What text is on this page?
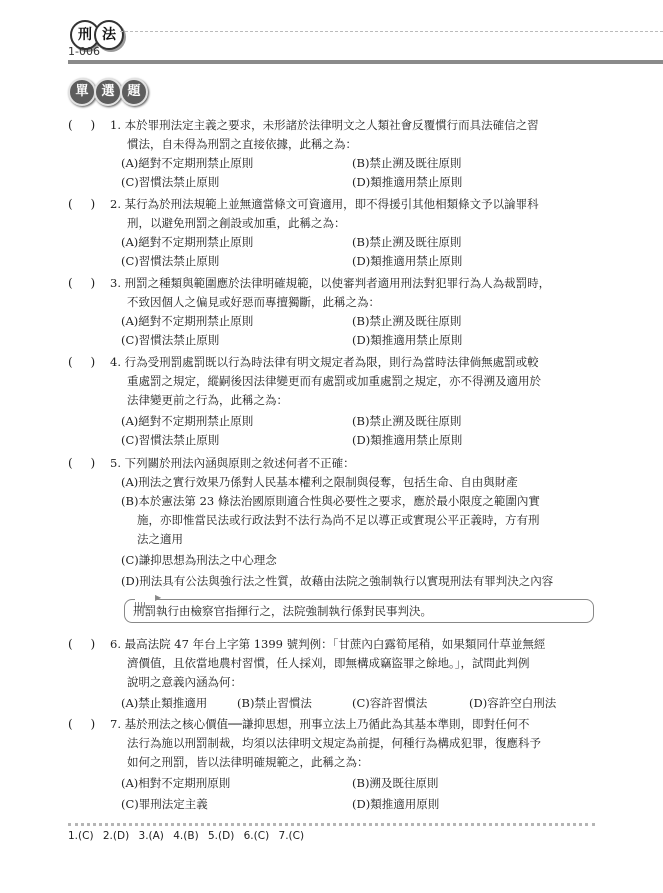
刑 法
1-006
單 選 題
( ) 1. 本於罪刑法定主義之要求，未形諸於法律明文之人類社會反覆慣行而具法確信之習
慣法，自未得為刑罰之直接依據，此稱之為：
(A)絕對不定期刑禁止原則	(B)禁止溯及既往原則
(C)習慣法禁止原則	(D)類推適用禁止原則
( ) 2. 某行為於刑法規範上並無適當條文可資適用，即不得援引其他相類條文予以論罪科
刑，以避免刑罰之創設或加重，此稱之為：
(A)絕對不定期刑禁止原則	(B)禁止溯及既往原則
(C)習慣法禁止原則	(D)類推適用禁止原則
( ) 3. 刑罰之種類與範圍應於法律明確規範，以使審判者適用刑法對犯罪行為人為裁罰時，
不致因個人之偏見或好惡而專擅獨斷，此稱之為：
(A)絕對不定期刑禁止原則	(B)禁止溯及既往原則
(C)習慣法禁止原則	(D)類推適用禁止原則
( ) 4. 行為受刑罰處罰既以行為時法律有明文規定者為限，則行為當時法律倘無處罰或較
重處罰之規定，縱嗣後因法律變更而有處罰或加重處罰之規定，亦不得溯及適用於
法律變更前之行為，此稱之為：
(A)絕對不定期刑禁止原則	(B)禁止溯及既往原則
(C)習慣法禁止原則	(D)類推適用禁止原則
( ) 5. 下列關於刑法內涵與原則之敘述何者不正確：
(A)刑法之實行效果乃係對人民基本權利之限制與侵奪，包括生命、自由與財產
(B)本於憲法第 23 條法治國原則適合性與必要性之要求，應於最小限度之範圍內實
施，亦即惟當民法或行政法對不法行為尚不足以導正或實現公平正義時，方有刑
法之適用
(C)謙抑思想為刑法之中心理念
(D)刑法具有公法與強行法之性質，故藉由法院之強制執行以實現刑法有罪判決之內容
▶
刑罰執行由檢察官指揮行之，法院強制執行係對民事判決。
( ) 6. 最高法院 47 年台上字第 1399 號判例：「甘蔗內白露筍尾稍，如果類同什草並無經
濟價值，且依當地農村習慣，任人採刈，即無構成竊盜罪之餘地。」，試問此判例
說明之意義內涵為何：
(A)禁止類推適用	(B)禁止習慣法	(C)容許習慣法	(D)容許空白刑法
( ) 7. 基於刑法之核心價值──謙抑思想，刑事立法上乃循此為其基本準則，即對任何不
法行為施以刑罰制裁，均須以法律明文規定為前提，何種行為構成犯罪，復應科予
如何之刑罰，皆以法律明確規範之，此稱之為：
(A)相對不定期刑原則	(B)溯及既往原則
(C)罪刑法定主義	(D)類推適用原則
1.(C) 2.(D) 3.(A) 4.(B) 5.(D) 6.(C) 7.(C)
